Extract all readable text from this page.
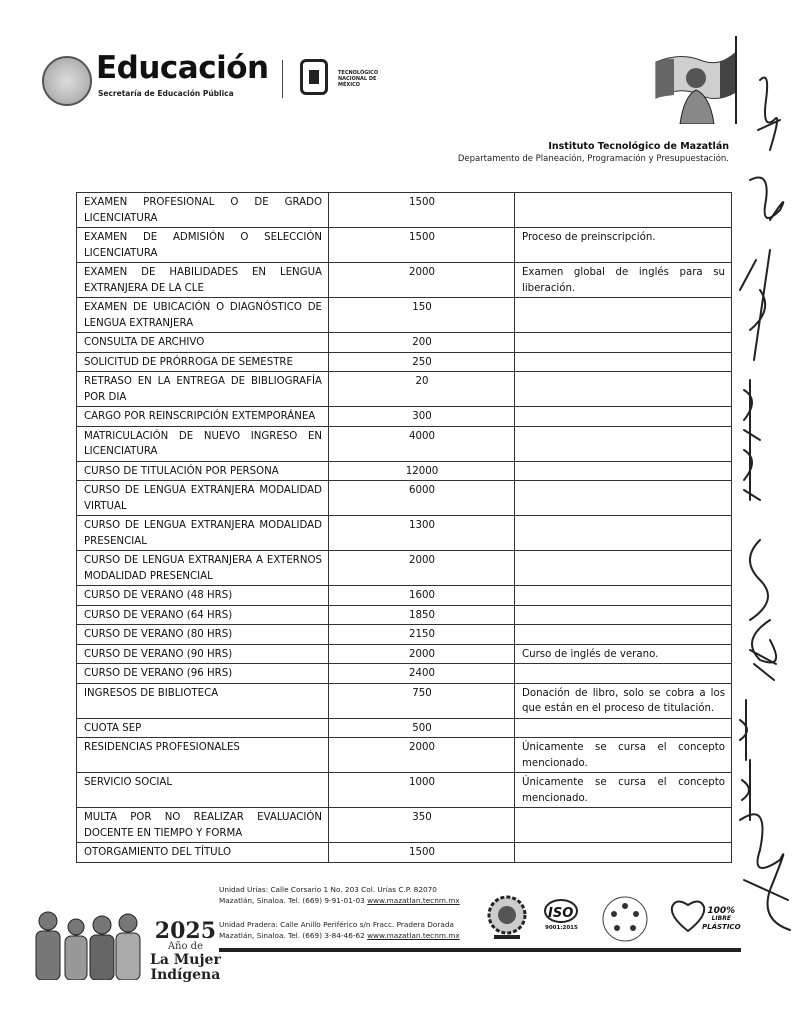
Educación
Secretaría de Educación Pública
TECNOLÓGICO NACIONAL DE MÉXICO
Instituto Tecnológico de Mazatlán
Departamento de Planeación, Programación y Presupuestación.
EXAMEN PROFESIONAL O DE GRADO LICENCIATURA	1500	
EXAMEN DE ADMISIÓN O SELECCIÓN LICENCIATURA	1500	Proceso de preinscripción.
EXAMEN DE HABILIDADES EN LENGUA EXTRANJERA DE LA CLE	2000	Examen global de inglés para su liberación.
EXAMEN DE UBICACIÓN O DIAGNÓSTICO DE LENGUA EXTRANJERA	150	
CONSULTA DE ARCHIVO	200	
SOLICITUD DE PRÓRROGA DE SEMESTRE	250	
RETRASO EN LA ENTREGA DE BIBLIOGRAFÍA POR DIA	20	
CARGO POR REINSCRIPCIÓN EXTEMPORÁNEA	300	
MATRICULACIÓN DE NUEVO INGRESO EN LICENCIATURA	4000	
CURSO DE TITULACIÓN POR PERSONA	12000	
CURSO DE LENGUA EXTRANJERA MODALIDAD VIRTUAL	6000	
CURSO DE LENGUA EXTRANJERA MODALIDAD PRESENCIAL	1300	
CURSO DE LENGUA EXTRANJERA A EXTERNOS MODALIDAD PRESENCIAL	2000	
CURSO DE VERANO (48 HRS)	1600	
CURSO DE VERANO (64 HRS)	1850	
CURSO DE VERANO (80 HRS)	2150	
CURSO DE VERANO (90 HRS)	2000	Curso de inglés de verano.
CURSO DE VERANO (96 HRS)	2400	
INGRESOS DE BIBLIOTECA	750	Donación de libro, solo se cobra a los que están en el proceso de titulación.
CUOTA SEP	500	
RESIDENCIAS PROFESIONALES	2000	Únicamente se cursa el concepto mencionado.
SERVICIO SOCIAL	1000	Únicamente se cursa el concepto mencionado.
MULTA POR NO REALIZAR EVALUACIÓN DOCENTE EN TIEMPO Y FORMA	350	
OTORGAMIENTO DEL TÍTULO	1500	
ELVIRA MA. BAREON
2025
Año de
La Mujer
Indígena
Unidad Urías: Calle Corsario 1 No. 203 Col. Urías C.P. 82070
Mazatlán, Sinaloa. Tel. (669) 9-91-01-03 www.mazatlan.tecnm.mx
Unidad Pradera: Calle Anillo Periférico s/n Fracc. Pradera Dorada
Mazatlán, Sinaloa. Tel. (669) 3-84-46-62 www.mazatlan.tecnm.mx
ISO
9001:2015
100%
LIBRE
PLÁSTICO
